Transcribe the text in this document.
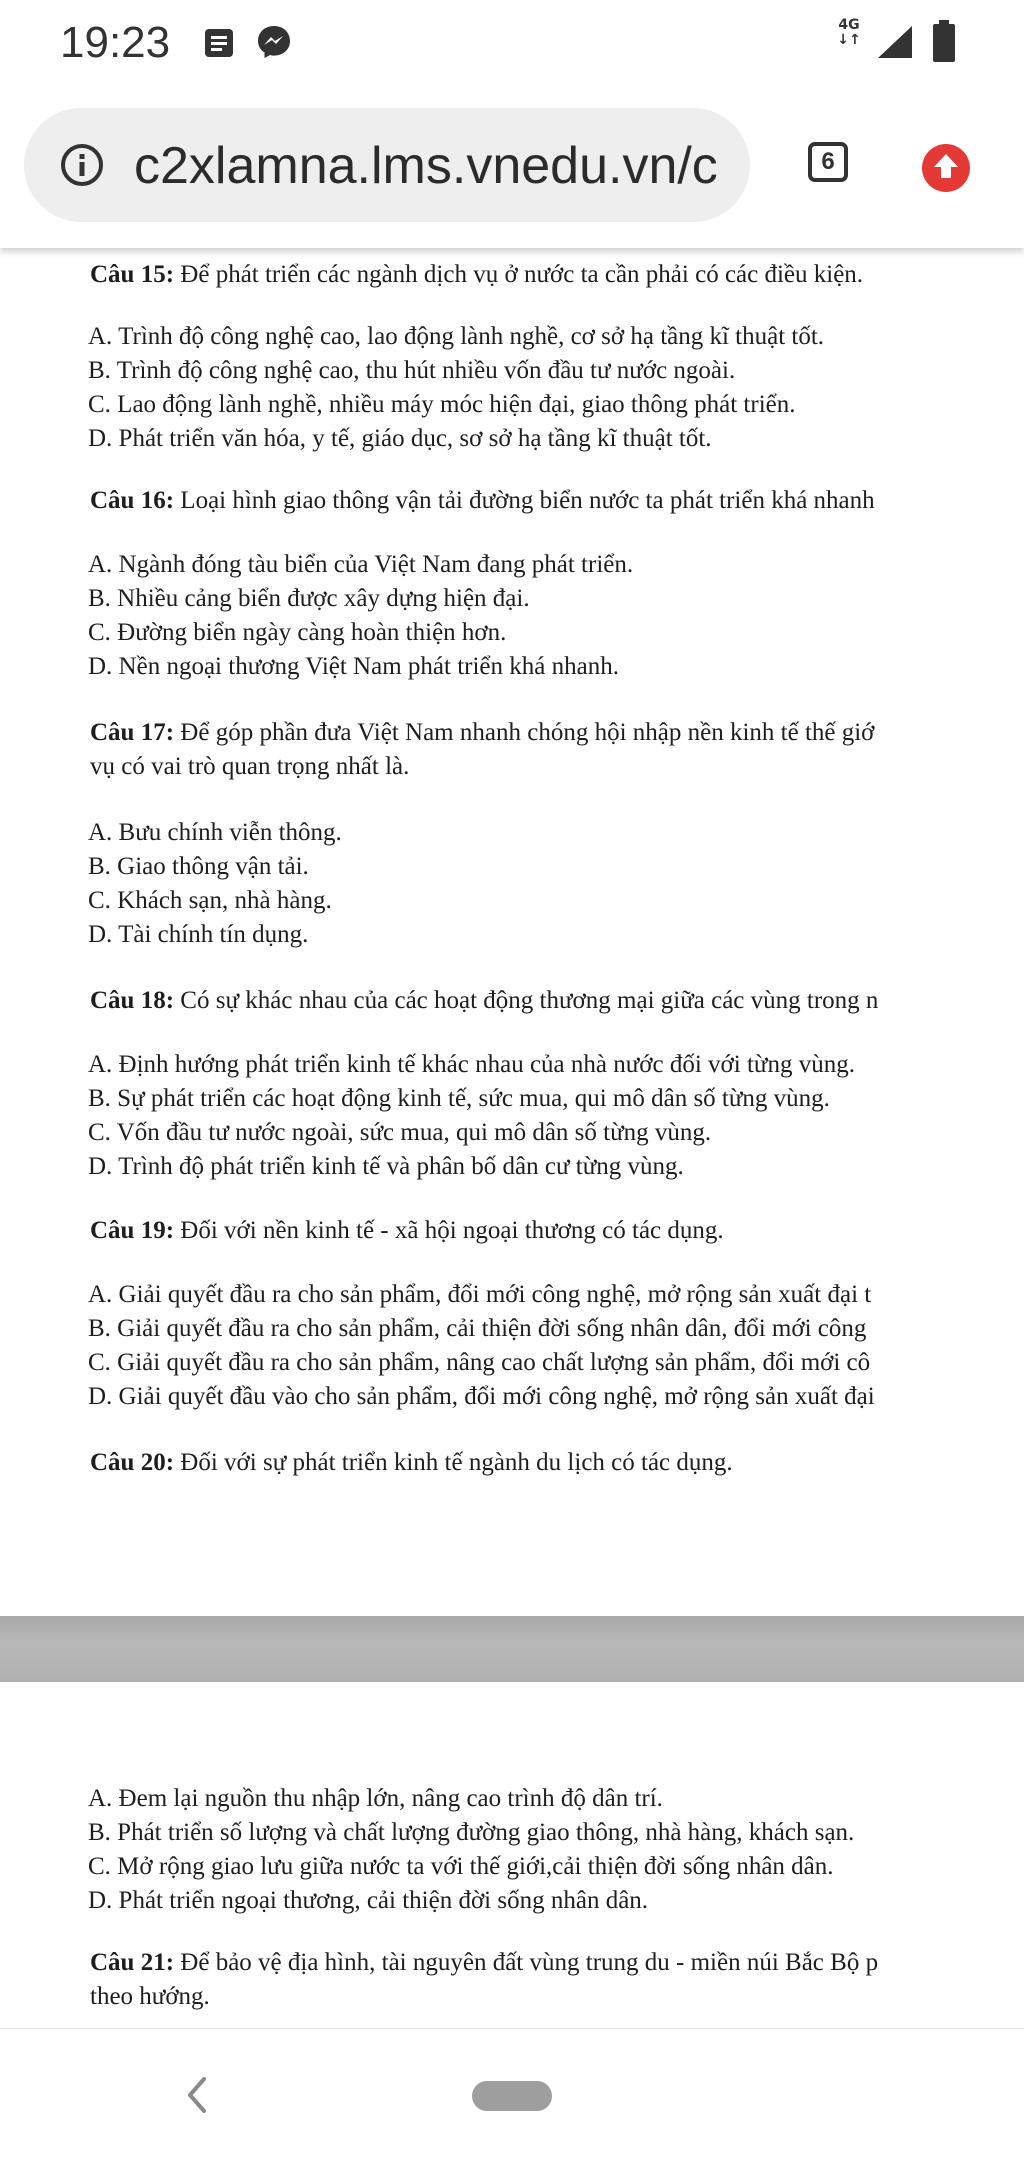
19:23	4G
↓↑
c2xlamna.lms.vnedu.vn/c	6
Câu 15: Để phát triển các ngành dịch vụ ở nước ta cần phải có các điều kiện.
A. Trình độ công nghệ cao, lao động lành nghề, cơ sở hạ tầng kĩ thuật tốt.
B. Trình độ công nghệ cao, thu hút nhiều vốn đầu tư nước ngoài.
C. Lao động lành nghề, nhiều máy móc hiện đại, giao thông phát triển.
D. Phát triển văn hóa, y tế, giáo dục, sơ sở hạ tầng kĩ thuật tốt.
Câu 16: Loại hình giao thông vận tải đường biển nước ta phát triển khá nhanh
A. Ngành đóng tàu biển của Việt Nam đang phát triển.
B. Nhiều cảng biển được xây dựng hiện đại.
C. Đường biển ngày càng hoàn thiện hơn.
D. Nền ngoại thương Việt Nam phát triển khá nhanh.
Câu 17: Để góp phần đưa Việt Nam nhanh chóng hội nhập nền kinh tế thế giớ
vụ có vai trò quan trọng nhất là.
A. Bưu chính viễn thông.
B. Giao thông vận tải.
C. Khách sạn, nhà hàng.
D. Tài chính tín dụng.
Câu 18: Có sự khác nhau của các hoạt động thương mại giữa các vùng trong n
A. Định hướng phát triển kinh tế khác nhau của nhà nước đối với từng vùng.
B. Sự phát triển các hoạt động kinh tế, sức mua, qui mô dân số từng vùng.
C. Vốn đầu tư nước ngoài, sức mua, qui mô dân số từng vùng.
D. Trình độ phát triển kinh tế và phân bố dân cư từng vùng.
Câu 19: Đối với nền kinh tế - xã hội ngoại thương có tác dụng.
A. Giải quyết đầu ra cho sản phẩm, đổi mới công nghệ, mở rộng sản xuất đại t
B. Giải quyết đầu ra cho sản phẩm, cải thiện đời sống nhân dân, đổi mới công
C. Giải quyết đầu ra cho sản phẩm, nâng cao chất lượng sản phẩm, đổi mới cô
D. Giải quyết đầu vào cho sản phẩm, đổi mới công nghệ, mở rộng sản xuất đại
Câu 20: Đối với sự phát triển kinh tế ngành du lịch có tác dụng.
A. Đem lại nguồn thu nhập lớn, nâng cao trình độ dân trí.
B. Phát triển số lượng và chất lượng đường giao thông, nhà hàng, khách sạn.
C. Mở rộng giao lưu giữa nước ta với thế giới,cải thiện đời sống nhân dân.
D. Phát triển ngoại thương, cải thiện đời sống nhân dân.
Câu 21: Để bảo vệ địa hình, tài nguyên đất vùng trung du - miền núi Bắc Bộ p
theo hướng.
